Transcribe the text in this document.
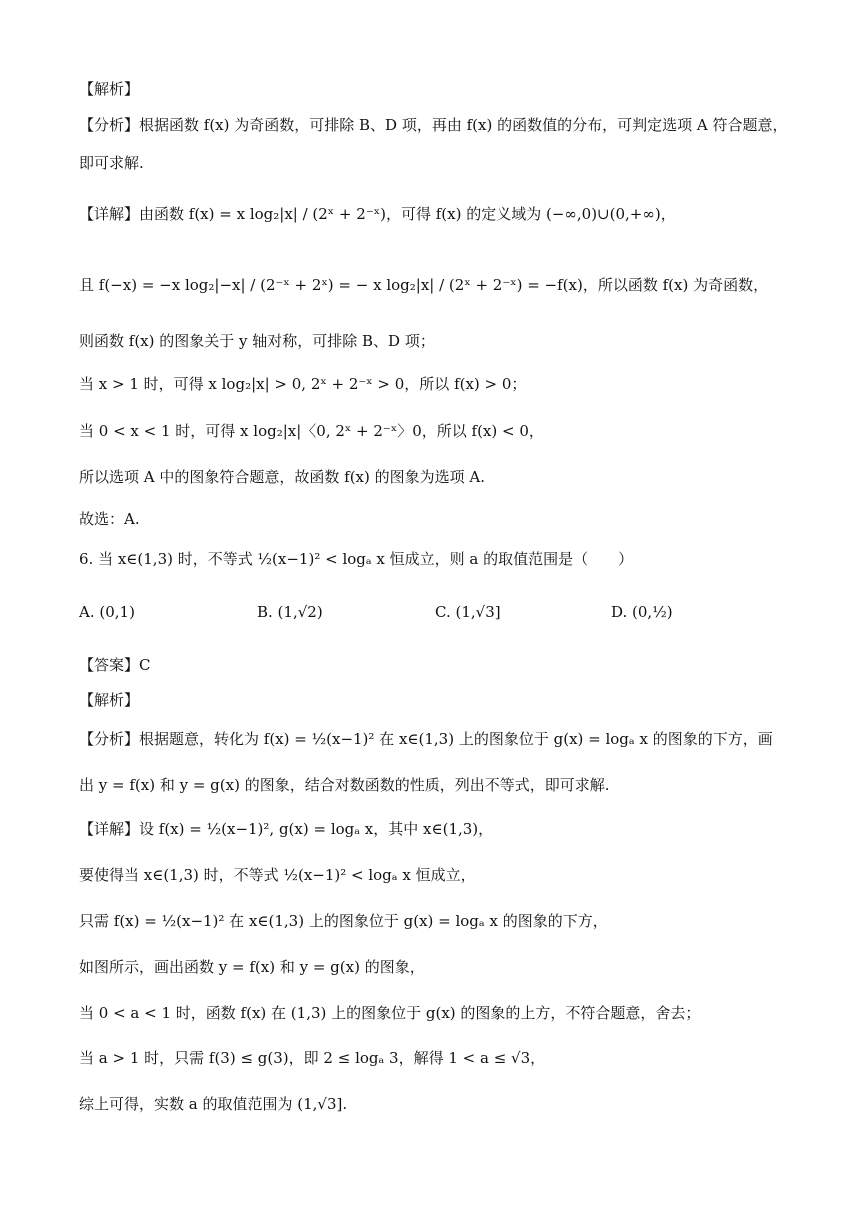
【解析】
【分析】根据函数 f(x) 为奇函数，可排除 B、D 项，再由 f(x) 的函数值的分布，可判定选项 A 符合题意，
即可求解.
【详解】由函数 f(x) = x log₂|x| / (2ˣ + 2⁻ˣ)，可得 f(x) 的定义域为 (−∞,0)∪(0,+∞)，
且 f(−x) = −x log₂|−x| / (2⁻ˣ + 2ˣ) = − x log₂|x| / (2ˣ + 2⁻ˣ) = −f(x)，所以函数 f(x) 为奇函数，
则函数 f(x) 的图象关于 y 轴对称，可排除 B、D 项；
当 x > 1 时，可得 x log₂|x| > 0, 2ˣ + 2⁻ˣ > 0，所以 f(x) > 0；
当 0 < x < 1 时，可得 x log₂|x|〈0, 2ˣ + 2⁻ˣ〉0，所以 f(x) < 0，
所以选项 A 中的图象符合题意，故函数 f(x) 的图象为选项 A.
故选：A.
6. 当 x∈(1,3) 时，不等式 ½(x−1)² < logₐ x 恒成立，则 a 的取值范围是（　　）
【答案】C
【解析】
【分析】根据题意，转化为 f(x) = ½(x−1)² 在 x∈(1,3) 上的图象位于 g(x) = logₐ x 的图象的下方，画
出 y = f(x) 和 y = g(x) 的图象，结合对数函数的性质，列出不等式，即可求解.
【详解】设 f(x) = ½(x−1)², g(x) = logₐ x，其中 x∈(1,3)，
要使得当 x∈(1,3) 时，不等式 ½(x−1)² < logₐ x 恒成立，
只需 f(x) = ½(x−1)² 在 x∈(1,3) 上的图象位于 g(x) = logₐ x 的图象的下方，
如图所示，画出函数 y = f(x) 和 y = g(x) 的图象，
当 0 < a < 1 时，函数 f(x) 在 (1,3) 上的图象位于 g(x) 的图象的上方，不符合题意，舍去；
当 a > 1 时，只需 f(3) ≤ g(3)，即 2 ≤ logₐ 3，解得 1 < a ≤ √3，
综上可得，实数 a 的取值范围为 (1,√3].
A. (0,1)	B. (1,√2)	C. (1,√3]	D. (0,½)
